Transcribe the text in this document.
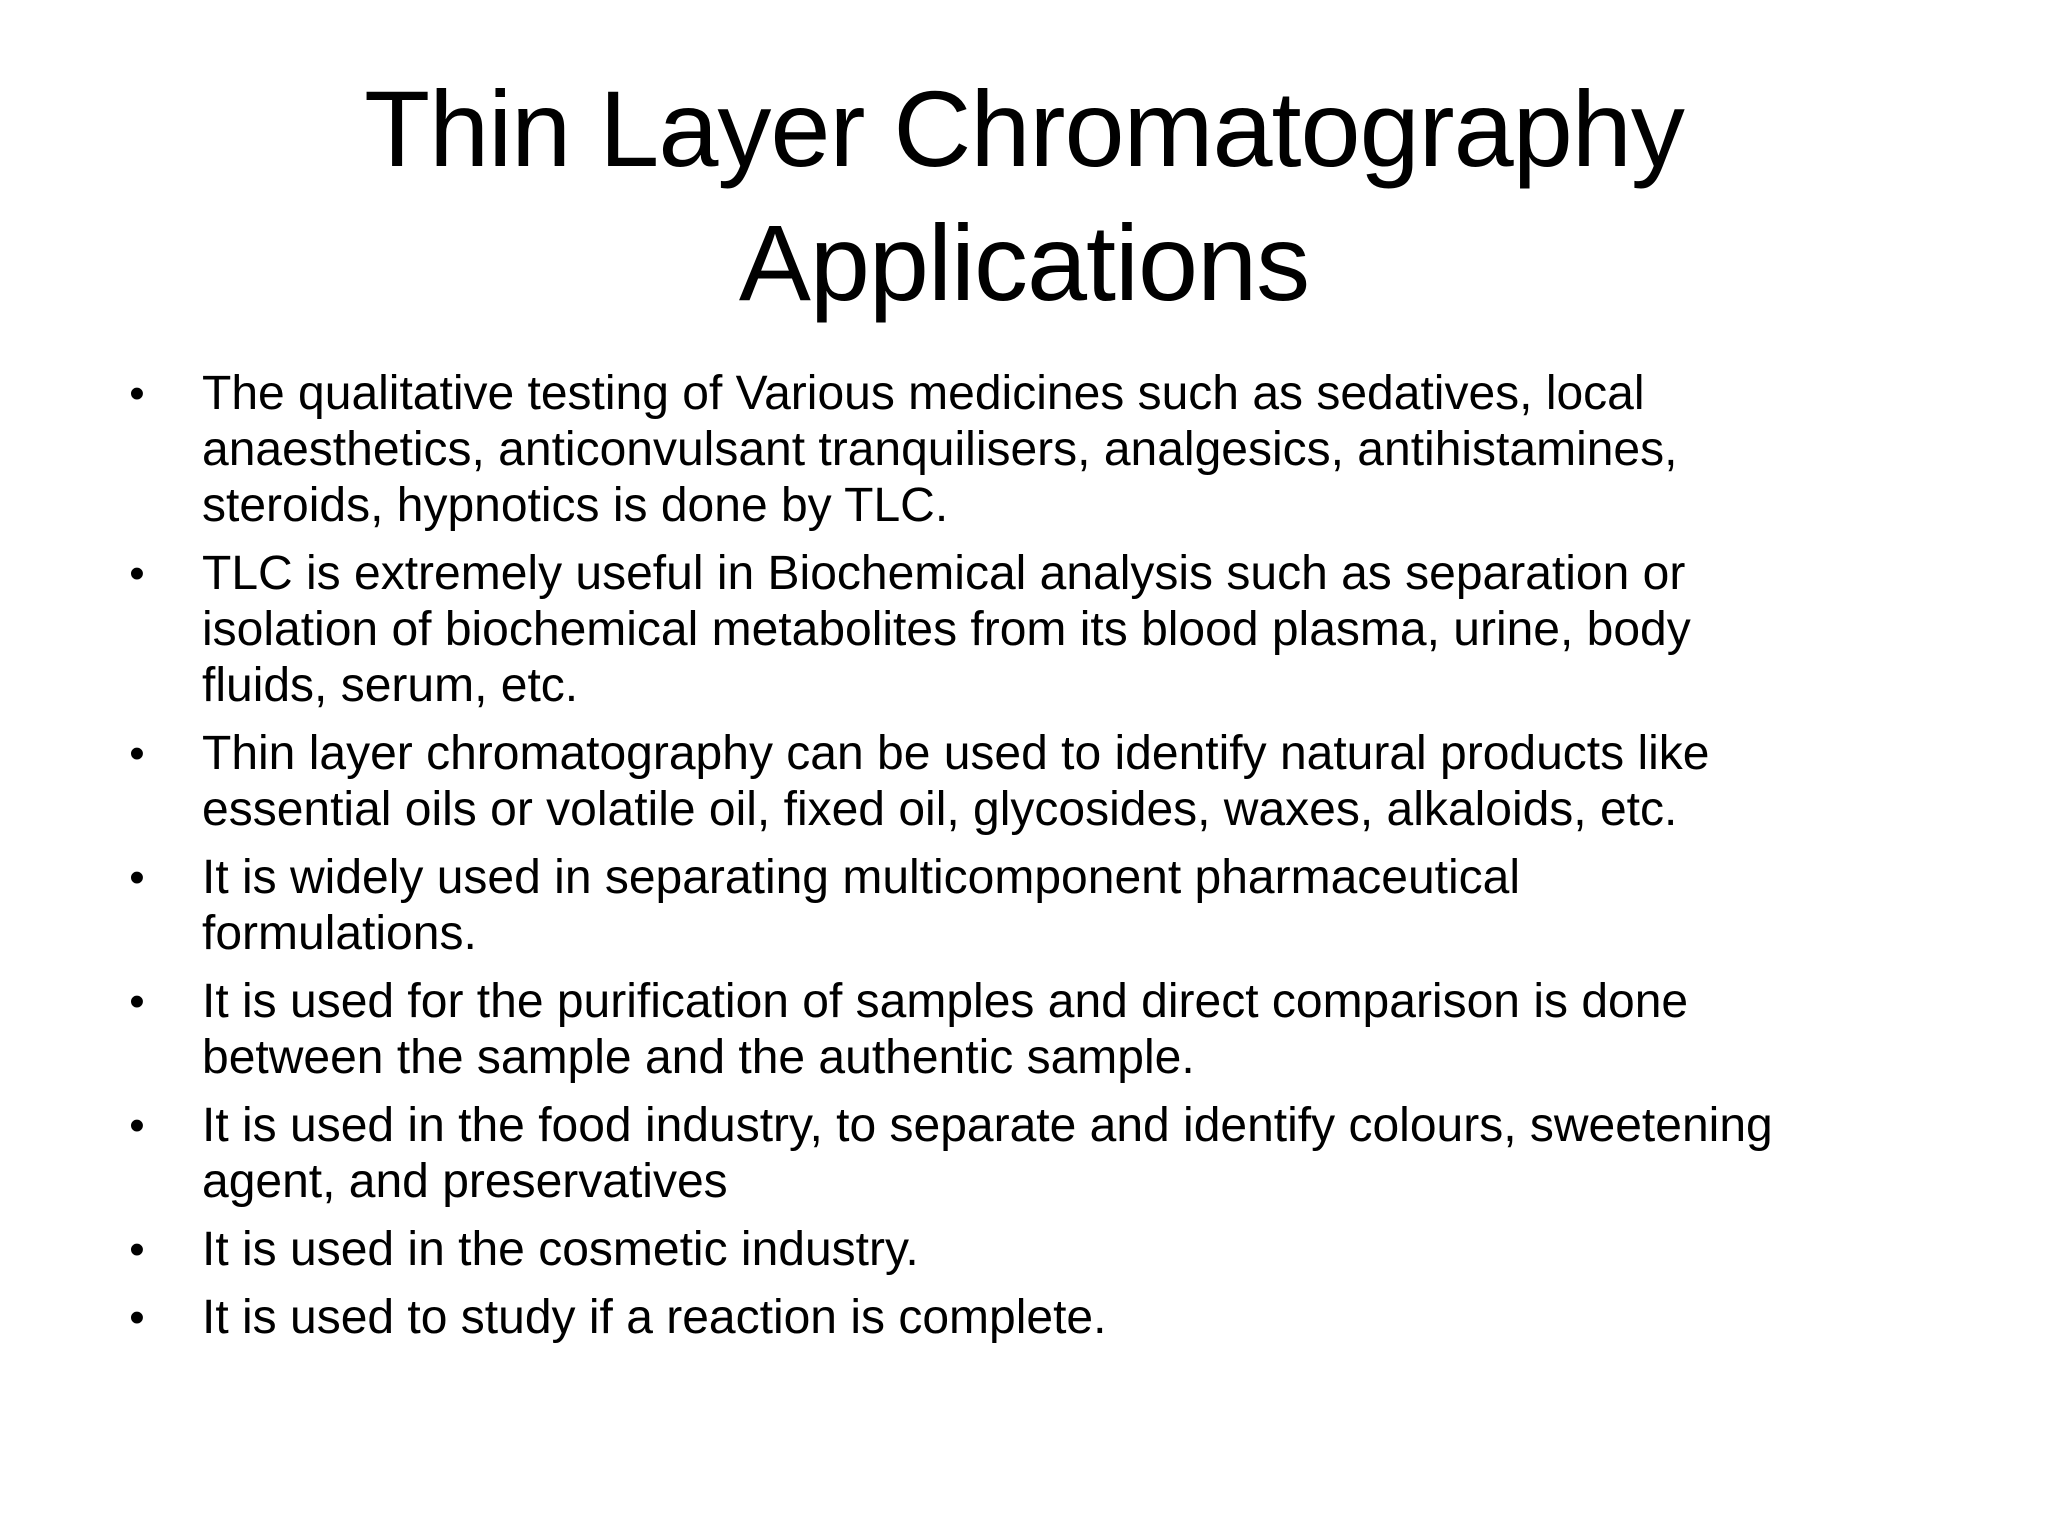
Thin Layer Chromatography
Applications
• The qualitative testing of Various medicines such as sedatives, local
anaesthetics, anticonvulsant tranquilisers, analgesics, antihistamines,
steroids, hypnotics is done by TLC.
• TLC is extremely useful in Biochemical analysis such as separation or
isolation of biochemical metabolites from its blood plasma, urine, body
fluids, serum, etc.
• Thin layer chromatography can be used to identify natural products like
essential oils or volatile oil, fixed oil, glycosides, waxes, alkaloids, etc.
• It is widely used in separating multicomponent pharmaceutical
formulations.
• It is used for the purification of samples and direct comparison is done
between the sample and the authentic sample.
• It is used in the food industry, to separate and identify colours, sweetening
agent, and preservatives
• It is used in the cosmetic industry.
• It is used to study if a reaction is complete.
